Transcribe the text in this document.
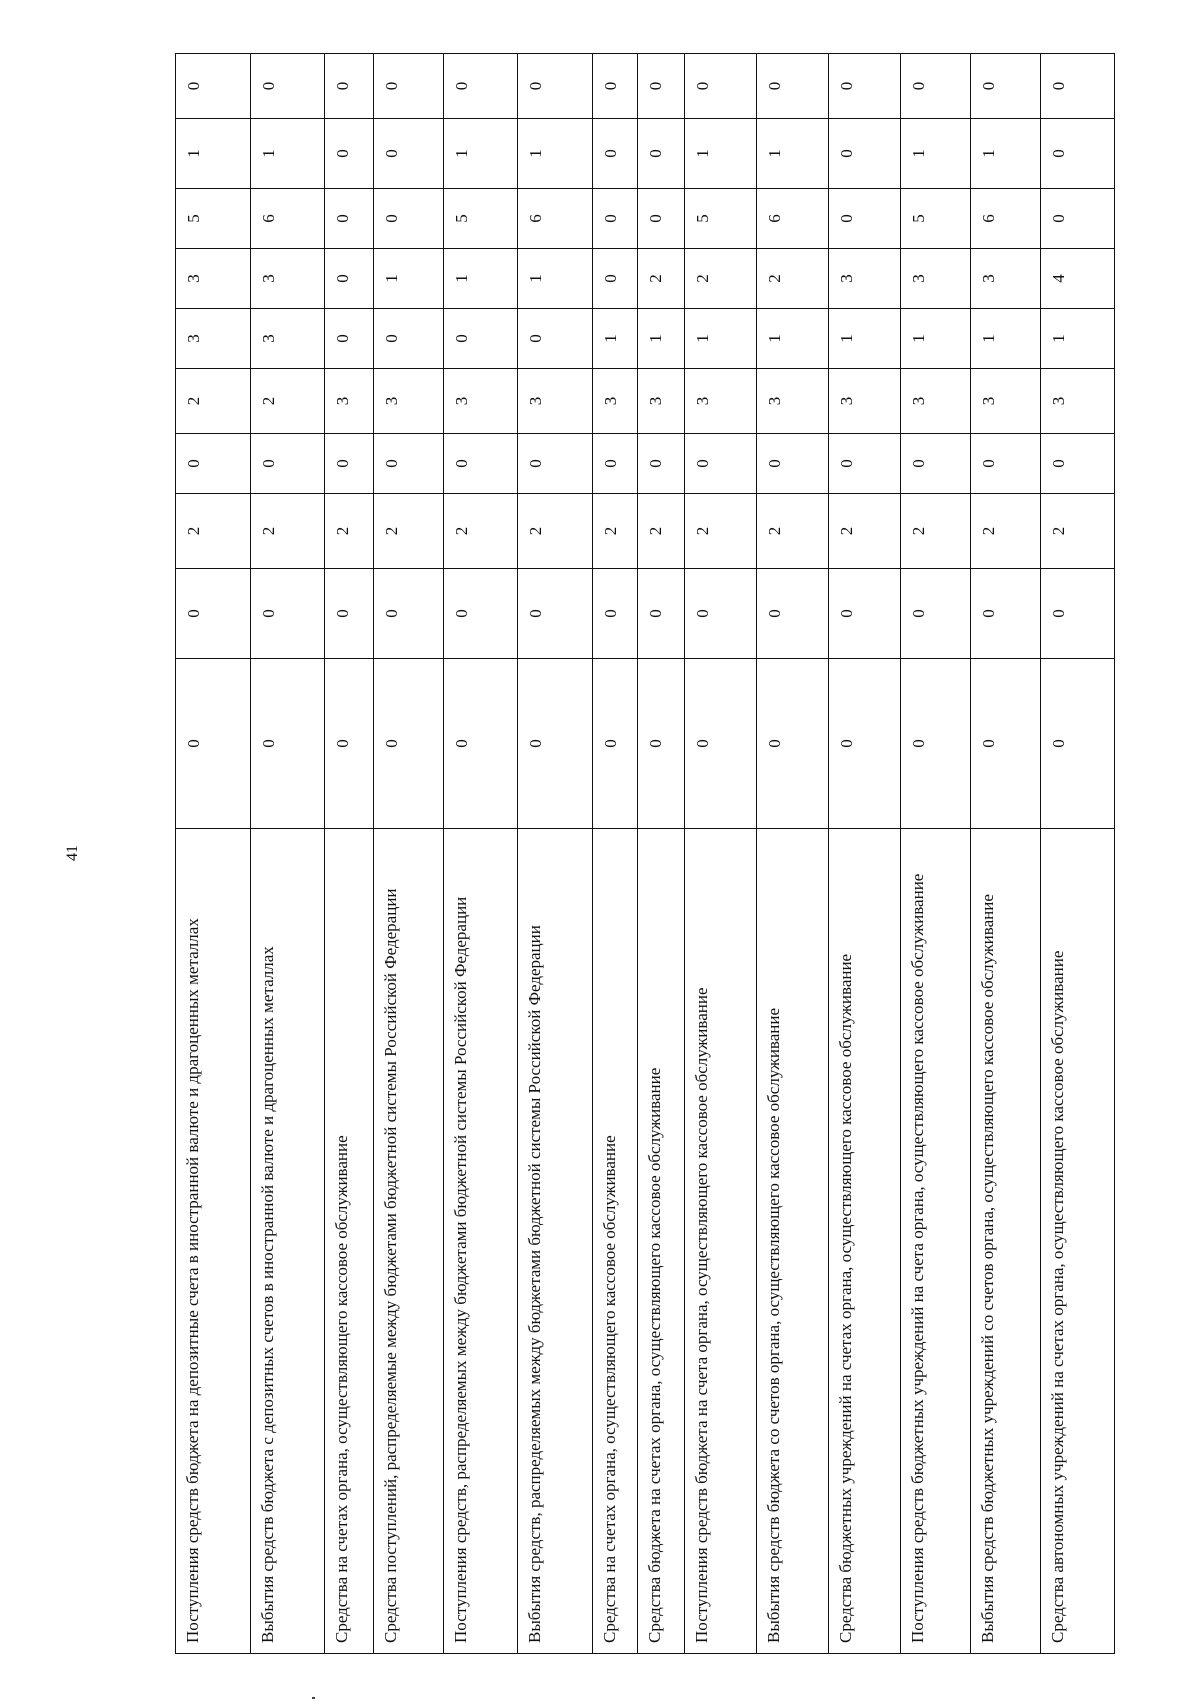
41
Поступления средств бюджета на депозитные счета в иностранной валюте и драгоценных металлах	0	0	2	0	2	3	3	5	1	0
Выбытия средств бюджета с депозитных счетов в иностранной валюте и драгоценных металлах	0	0	2	0	2	3	3	6	1	0
Средства на счетах органа, осуществляющего кассовое обслуживание	0	0	2	0	3	0	0	0	0	0
Средства поступлений, распределяемые между бюджетами бюджетной системы Российской Федерации	0	0	2	0	3	0	1	0	0	0
Поступления средств, распределяемых между бюджетами бюджетной системы Российской Федерации	0	0	2	0	3	0	1	5	1	0
Выбытия средств, распределяемых между бюджетами бюджетной системы Российской Федерации	0	0	2	0	3	0	1	6	1	0
Средства на счетах органа, осуществляющего кассовое обслуживание	0	0	2	0	3	1	0	0	0	0
Средства бюджета на счетах органа, осуществляющего кассовое обслуживание	0	0	2	0	3	1	2	0	0	0
Поступления средств бюджета на счета органа, осуществляющего кассовое обслуживание	0	0	2	0	3	1	2	5	1	0
Выбытия средств бюджета со счетов органа, осуществляющего кассовое обслуживание	0	0	2	0	3	1	2	6	1	0
Средства бюджетных учреждений на счетах органа, осуществляющего кассовое обслуживание	0	0	2	0	3	1	3	0	0	0
Поступления средств бюджетных учреждений на счета органа, осуществляющего кассовое обслуживание	0	0	2	0	3	1	3	5	1	0
Выбытия средств бюджетных учреждений со счетов органа, осуществляющего кассовое обслуживание	0	0	2	0	3	1	3	6	1	0
Средства автономных учреждений на счетах органа, осуществляющего кассовое обслуживание	0	0	2	0	3	1	4	0	0	0
